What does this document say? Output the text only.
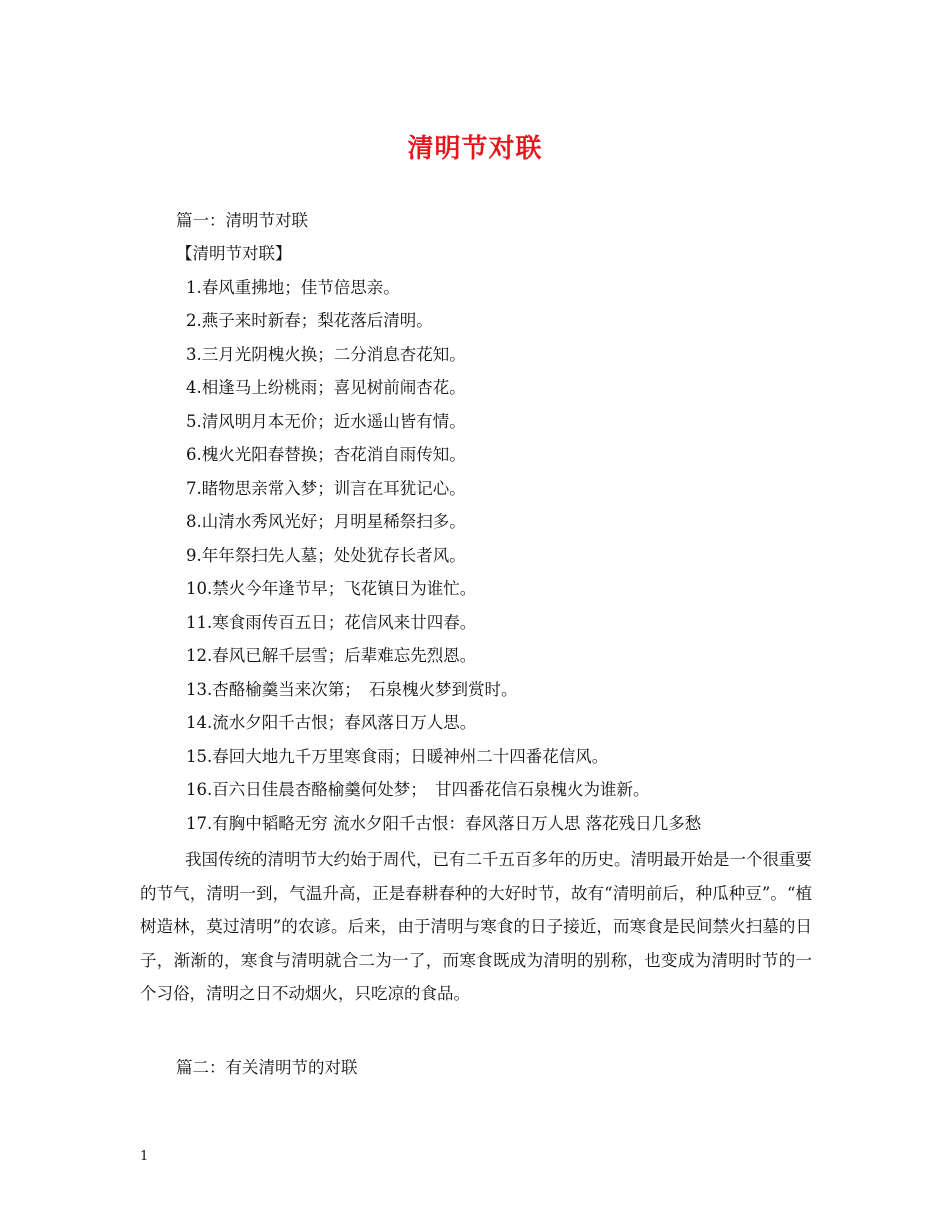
清明节对联
篇一：清明节对联
【清明节对联】
1.春风重拂地；佳节倍思亲。
2.燕子来时新春；梨花落后清明。
3.三月光阴槐火换；二分消息杏花知。
4.相逢马上纷桃雨；喜见树前闹杏花。
5.清风明月本无价；近水遥山皆有情。
6.槐火光阳春替换；杏花消自雨传知。
7.睹物思亲常入梦；训言在耳犹记心。
8.山清水秀风光好；月明星稀祭扫多。
9.年年祭扫先人墓；处处犹存长者风。
10.禁火今年逢节早；飞花镇日为谁忙。
11.寒食雨传百五日；花信风来廿四春。
12.春风已解千层雪；后辈难忘先烈恩。
13.杏酪榆羹当来次第；　石泉槐火梦到赏时。
14.流水夕阳千古恨；春风落日万人思。
15.春回大地九千万里寒食雨；日暖神州二十四番花信风。
16.百六日佳晨杏酪榆羹何处梦；　甘四番花信石泉槐火为谁新。
17.有胸中韬略无穷 流水夕阳千古恨：春风落日万人思 落花残日几多愁

我国传统的清明节大约始于周代，已有二千五百多年的历史。清明最开始是一个很重要的节气，清明一到，气温升高，正是春耕春种的大好时节，故有“清明前后，种瓜种豆”。“植树造林，莫过清明”的农谚。后来，由于清明与寒食的日子接近，而寒食是民间禁火扫墓的日子，渐渐的，寒食与清明就合二为一了，而寒食既成为清明的别称，也变成为清明时节的一个习俗，清明之日不动烟火，只吃凉的食品。

篇二：有关清明节的对联
1
